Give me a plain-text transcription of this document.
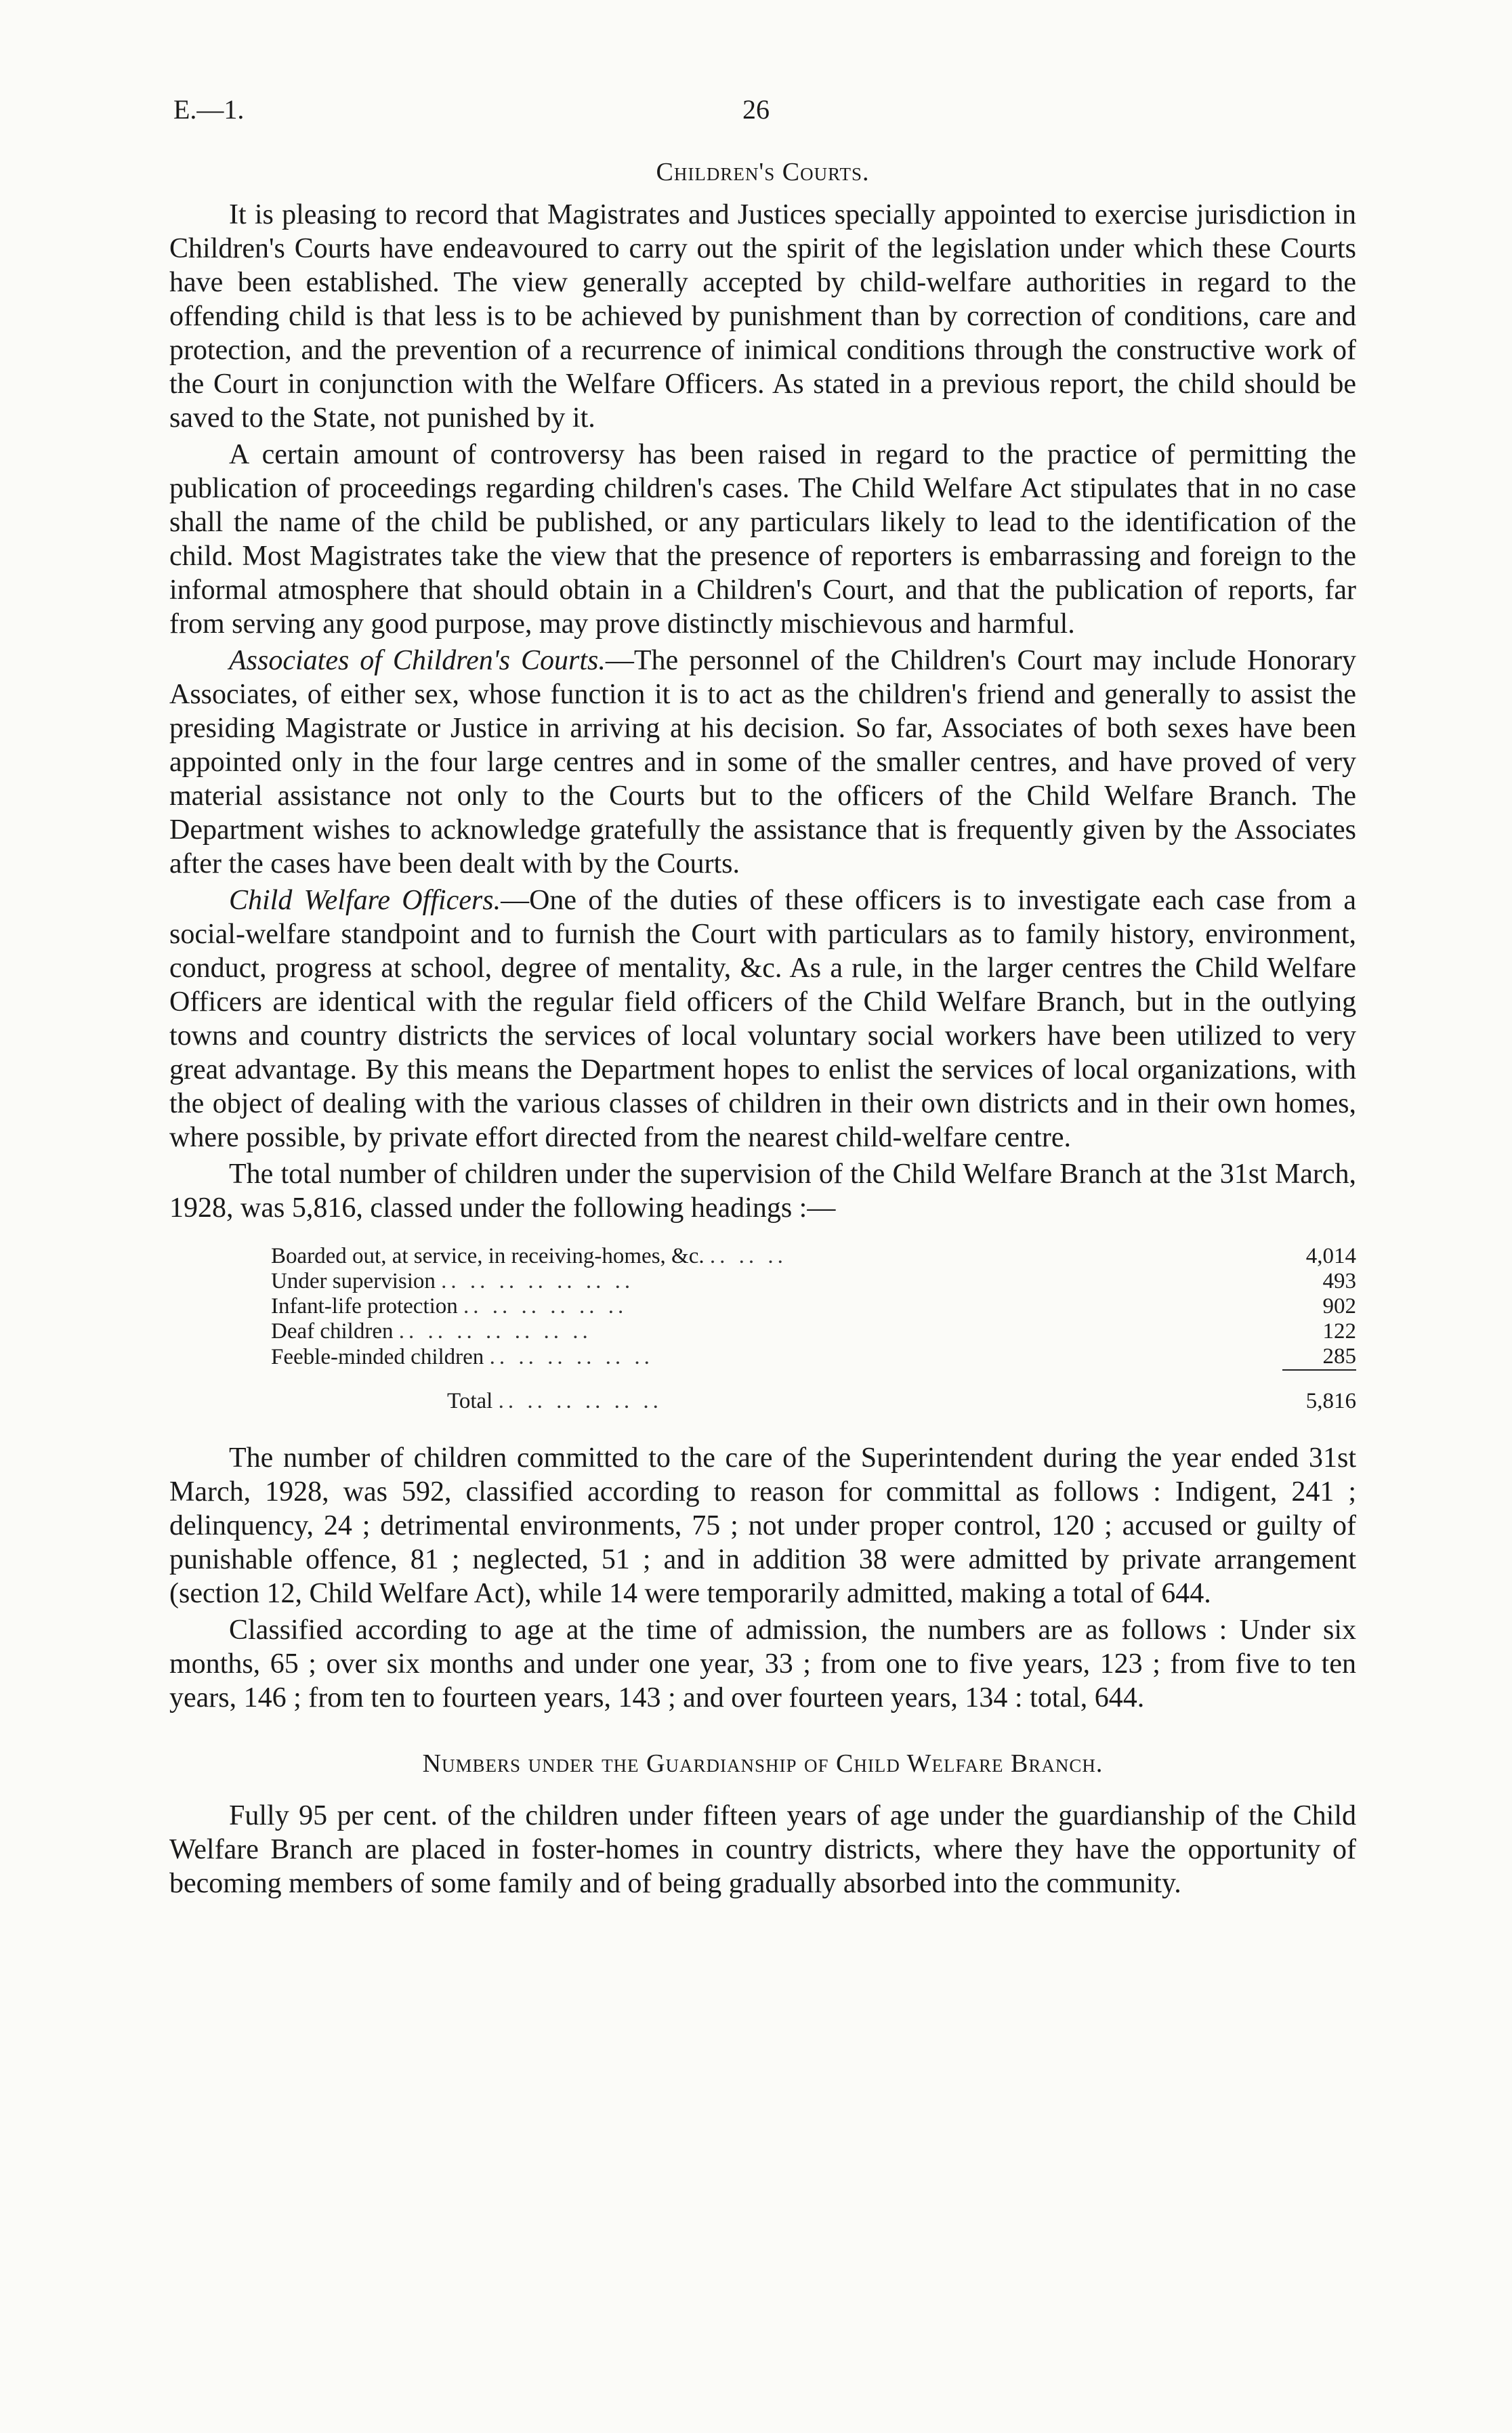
E.—1.	26
Children's Courts.

It is pleasing to record that Magistrates and Justices specially appointed to exercise jurisdiction in Children's Courts have endeavoured to carry out the spirit of the legislation under which these Courts have been established. The view generally accepted by child-welfare authorities in regard to the offending child is that less is to be achieved by punishment than by correction of conditions, care and protection, and the prevention of a recurrence of inimical conditions through the constructive work of the Court in conjunction with the Welfare Officers. As stated in a previous report, the child should be saved to the State, not punished by it.

A certain amount of controversy has been raised in regard to the practice of permitting the publication of proceedings regarding children's cases. The Child Welfare Act stipulates that in no case shall the name of the child be published, or any particulars likely to lead to the identification of the child. Most Magistrates take the view that the presence of reporters is embarrassing and foreign to the informal atmosphere that should obtain in a Children's Court, and that the publication of reports, far from serving any good purpose, may prove distinctly mischievous and harmful.

Associates of Children's Courts.—The personnel of the Children's Court may include Honorary Associates, of either sex, whose function it is to act as the children's friend and generally to assist the presiding Magistrate or Justice in arriving at his decision. So far, Associates of both sexes have been appointed only in the four large centres and in some of the smaller centres, and have proved of very material assistance not only to the Courts but to the officers of the Child Welfare Branch. The Department wishes to acknowledge gratefully the assistance that is frequently given by the Associates after the cases have been dealt with by the Courts.

Child Welfare Officers.—One of the duties of these officers is to investigate each case from a social-welfare standpoint and to furnish the Court with particulars as to family history, environment, conduct, progress at school, degree of mentality, &c. As a rule, in the larger centres the Child Welfare Officers are identical with the regular field officers of the Child Welfare Branch, but in the outlying towns and country districts the services of local voluntary social workers have been utilized to very great advantage. By this means the Department hopes to enlist the services of local organizations, with the object of dealing with the various classes of children in their own districts and in their own homes, where possible, by private effort directed from the nearest child-welfare centre.

The total number of children under the supervision of the Child Welfare Branch at the 31st March, 1928, was 5,816, classed under the following headings :—

Boarded out, at service, in receiving-homes, &c. .. .. ..	4,014
Under supervision .. .. .. .. .. .. ..	493
Infant-life protection .. .. .. .. .. ..	902
Deaf children .. .. .. .. .. .. ..	122
Feeble-minded children .. .. .. .. .. ..	285
Total .. .. .. .. .. ..	5,816

The number of children committed to the care of the Superintendent during the year ended 31st March, 1928, was 592, classified according to reason for committal as follows : Indigent, 241 ; delinquency, 24 ; detrimental environments, 75 ; not under proper control, 120 ; accused or guilty of punishable offence, 81 ; neglected, 51 ; and in addition 38 were admitted by private arrangement (section 12, Child Welfare Act), while 14 were temporarily admitted, making a total of 644.

Classified according to age at the time of admission, the numbers are as follows : Under six months, 65 ; over six months and under one year, 33 ; from one to five years, 123 ; from five to ten years, 146 ; from ten to fourteen years, 143 ; and over fourteen years, 134 : total, 644.

Numbers under the Guardianship of Child Welfare Branch.

Fully 95 per cent. of the children under fifteen years of age under the guardianship of the Child Welfare Branch are placed in foster-homes in country districts, where they have the opportunity of becoming members of some family and of being gradually absorbed into the community.
